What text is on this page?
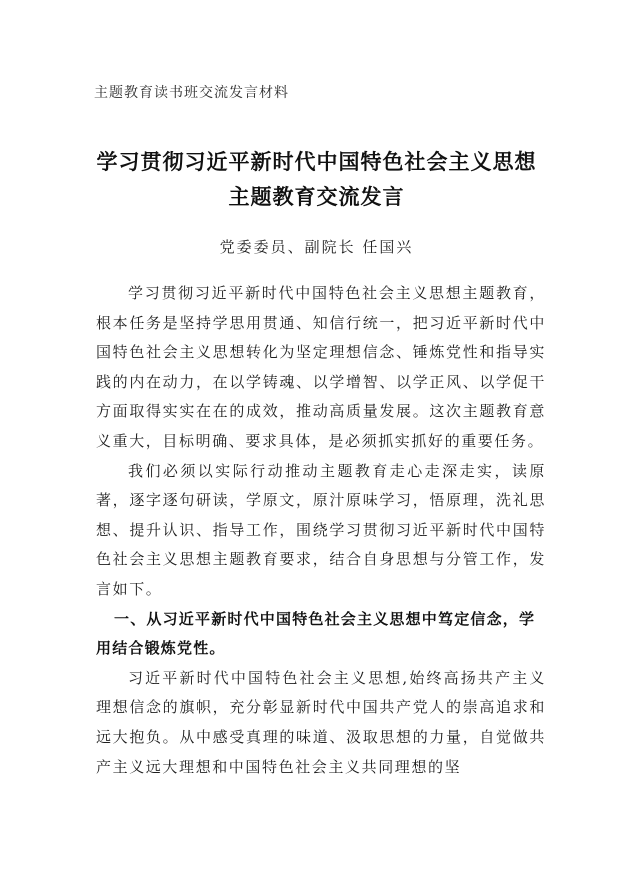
主题教育读书班交流发言材料
学习贯彻习近平新时代中国特色社会主义思想
主题教育交流发言
党委委员、副院长 任国兴

学习贯彻习近平新时代中国特色社会主义思想主题教育，根本任务是坚持学思用贯通、知信行统一，把习近平新时代中国特色社会主义思想转化为坚定理想信念、锤炼党性和指导实践的内在动力，在以学铸魂、以学增智、以学正风、以学促干方面取得实实在在的成效，推动高质量发展。这次主题教育意义重大，目标明确、要求具体，是必须抓实抓好的重要任务。

我们必须以实际行动推动主题教育走心走深走实，读原著，逐字逐句研读，学原文，原汁原味学习，悟原理，洗礼思想、提升认识、指导工作，围绕学习贯彻习近平新时代中国特色社会主义思想主题教育要求，结合自身思想与分管工作，发言如下。

一、从习近平新时代中国特色社会主义思想中笃定信念，学用结合锻炼党性。

习近平新时代中国特色社会主义思想,始终高扬共产主义理想信念的旗帜，充分彰显新时代中国共产党人的崇高追求和远大抱负。从中感受真理的味道、汲取思想的力量，自觉做共产主义远大理想和中国特色社会主义共同理想的坚
